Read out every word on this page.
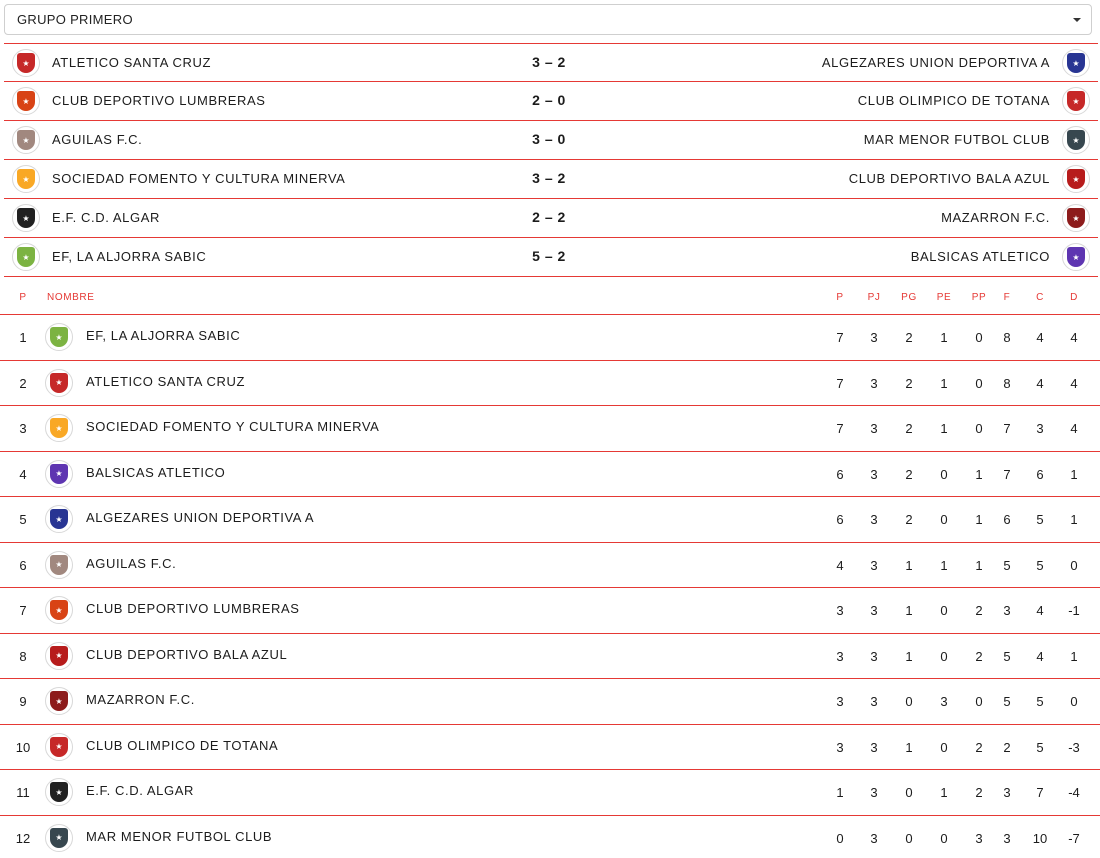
GRUPO PRIMERO
★	ATLETICO SANTA CRUZ	3 – 2	ALGEZARES UNION DEPORTIVA A	★
★	CLUB DEPORTIVO LUMBRERAS	2 – 0	CLUB OLIMPICO DE TOTANA	★
★	AGUILAS F.C.	3 – 0	MAR MENOR FUTBOL CLUB	★
★	SOCIEDAD FOMENTO Y CULTURA MINERVA	3 – 2	CLUB DEPORTIVO BALA AZUL	★
★	E.F. C.D. ALGAR	2 – 2	MAZARRON F.C.	★
★	EF, LA ALJORRA SABIC	5 – 2	BALSICAS ATLETICO	★
P	NOMBRE	P	PJ	PG	PE	PP	F	C	D
1	★	EF, LA ALJORRA SABIC	7	3	2	1	0	8	4	4
2	★	ATLETICO SANTA CRUZ	7	3	2	1	0	8	4	4
3	★	SOCIEDAD FOMENTO Y CULTURA MINERVA	7	3	2	1	0	7	3	4
4	★	BALSICAS ATLETICO	6	3	2	0	1	7	6	1
5	★	ALGEZARES UNION DEPORTIVA A	6	3	2	0	1	6	5	1
6	★	AGUILAS F.C.	4	3	1	1	1	5	5	0
7	★	CLUB DEPORTIVO LUMBRERAS	3	3	1	0	2	3	4	-1
8	★	CLUB DEPORTIVO BALA AZUL	3	3	1	0	2	5	4	1
9	★	MAZARRON F.C.	3	3	0	3	0	5	5	0
10	★	CLUB OLIMPICO DE TOTANA	3	3	1	0	2	2	5	-3
11	★	E.F. C.D. ALGAR	1	3	0	1	2	3	7	-4
12	★	MAR MENOR FUTBOL CLUB	0	3	0	0	3	3	10	-7
